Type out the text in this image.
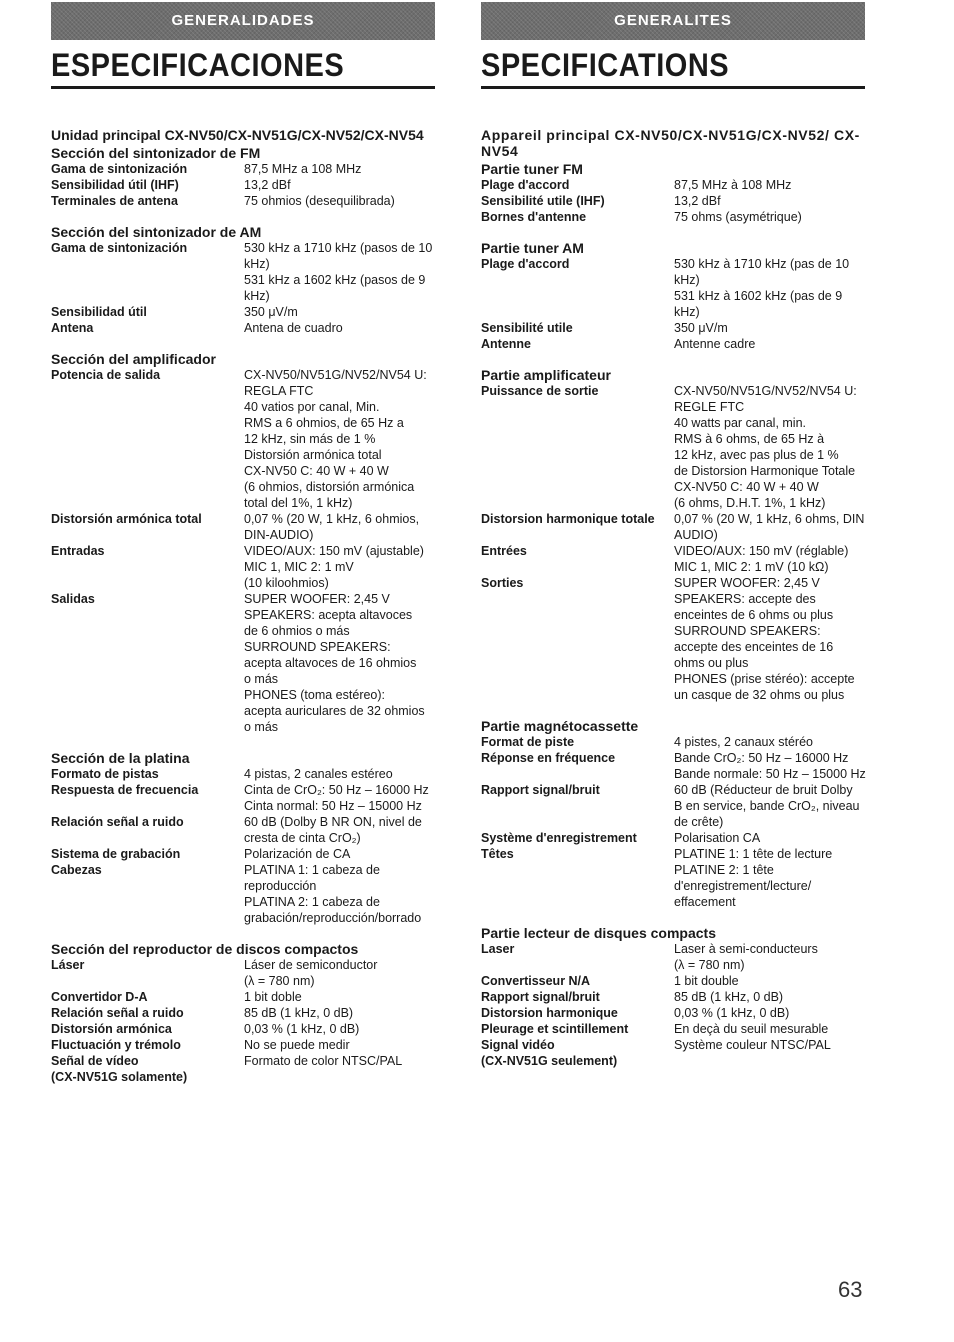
GENERALIDADES
ESPECIFICACIONES
Unidad principal CX-NV50/CX-NV51G/CX-NV52/CX-NV54
Sección del sintonizador de FM
Gama de sintonización	87,5 MHz a 108 MHz
Sensibilidad útil (IHF)	13,2 dBf
Terminales de antena	75 ohmios (desequilibrada)
Sección del sintonizador de AM
Gama de sintonización	530 kHz a 1710 kHz (pasos de 10
kHz)
531 kHz a 1602 kHz (pasos de 9
kHz)
Sensibilidad útil	350 μV/m
Antena	Antena de cuadro
Sección del amplificador
Potencia de salida	CX-NV50/NV51G/NV52/NV54 U:
REGLA FTC
40 vatios por canal, Min.
RMS a 6 ohmios, de 65 Hz a
12 kHz, sin más de 1 %
Distorsión armónica total
CX-NV50 C: 40 W + 40 W
(6 ohmios, distorsión armónica
total del 1%, 1 kHz)
Distorsión armónica total	0,07 % (20 W, 1 kHz, 6 ohmios,
DIN-AUDIO)
Entradas	VIDEO/AUX: 150 mV (ajustable)
MIC 1, MIC 2: 1 mV
(10 kiloohmios)
Salidas	SUPER WOOFER: 2,45 V
SPEAKERS: acepta altavoces
de 6 ohmios o más
SURROUND SPEAKERS:
acepta altavoces de 16 ohmios
o más
PHONES (toma estéreo):
acepta auriculares de 32 ohmios
o más
Sección de la platina
Formato de pistas	4 pistas, 2 canales estéreo
Respuesta de frecuencia	Cinta de CrO₂: 50 Hz – 16000 Hz
Cinta normal: 50 Hz – 15000 Hz
Relación señal a ruido	60 dB (Dolby B NR ON, nivel de
cresta de cinta CrO₂)
Sistema de grabación	Polarización de CA
Cabezas	PLATINA 1: 1 cabeza de
reproducción
PLATINA 2: 1 cabeza de
grabación/reproducción/borrado
Sección del reproductor de discos compactos
Láser	Láser de semiconductor
(λ = 780 nm)
Convertidor D-A	1 bit doble
Relación señal a ruido	85 dB (1 kHz, 0 dB)
Distorsión armónica	0,03 % (1 kHz, 0 dB)
Fluctuación y trémolo	No se puede medir
Señal de vídeo	Formato de color NTSC/PAL
(CX-NV51G solamente)
GENERALITES
SPECIFICATIONS
Appareil principal CX-NV50/CX-NV51G/CX-NV52/ CX-NV54
Partie tuner FM
Plage d'accord	87,5 MHz à 108 MHz
Sensibilité utile (IHF)	13,2 dBf
Bornes d'antenne	75 ohms (asymétrique)
Partie tuner AM
Plage d'accord	530 kHz à 1710 kHz (pas de 10
kHz)
531 kHz à 1602 kHz (pas de 9
kHz)
Sensibilité utile	350 μV/m
Antenne	Antenne cadre
Partie amplificateur
Puissance de sortie	CX-NV50/NV51G/NV52/NV54 U:
REGLE FTC
40 watts par canal, min.
RMS à 6 ohms, de 65 Hz à
12 kHz, avec pas plus de 1 %
de Distorsion Harmonique Totale
CX-NV50 C: 40 W + 40 W
(6 ohms, D.H.T. 1%, 1 kHz)
Distorsion harmonique totale	0,07 % (20 W, 1 kHz, 6 ohms, DIN
AUDIO)
Entrées	VIDEO/AUX: 150 mV (réglable)
MIC 1, MIC 2: 1 mV (10 kΩ)
Sorties	SUPER WOOFER: 2,45 V
SPEAKERS: accepte des
enceintes de 6 ohms ou plus
SURROUND SPEAKERS:
accepte des enceintes de 16
ohms ou plus
PHONES (prise stéréo): accepte
un casque de 32 ohms ou plus
Partie magnétocassette
Format de piste	4 pistes, 2 canaux stéréo
Réponse en fréquence	Bande CrO₂: 50 Hz – 16000 Hz
Bande normale: 50 Hz – 15000 Hz
Rapport signal/bruit	60 dB (Réducteur de bruit Dolby
B en service, bande CrO₂, niveau
de crête)
Système d'enregistrement	Polarisation CA
Têtes	PLATINE 1: 1 tête de lecture
PLATINE 2: 1 tête
d'enregistrement/lecture/
effacement
Partie lecteur de disques compacts
Laser	Laser à semi-conducteurs
(λ = 780 nm)
Convertisseur N/A	1 bit double
Rapport signal/bruit	85 dB (1 kHz, 0 dB)
Distorsion harmonique	0,03 % (1 kHz, 0 dB)
Pleurage et scintillement	En deçà du seuil mesurable
Signal vidéo	Système couleur NTSC/PAL
(CX-NV51G seulement)
63
